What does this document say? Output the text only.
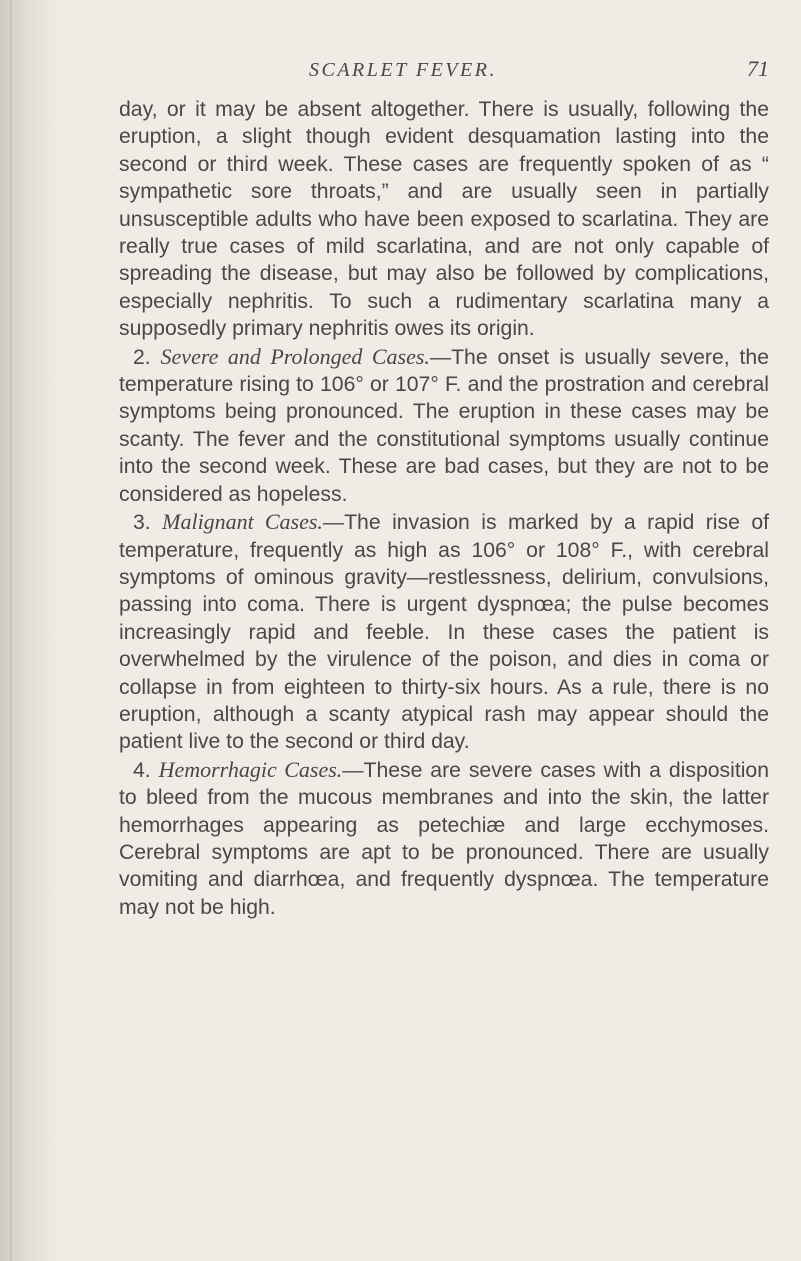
SCARLET FEVER.	71

day, or it may be absent altogether. There is usually, following the eruption, a slight though evident desquamation lasting into the second or third week. These cases are frequently spoken of as “ sympathetic sore throats,” and are usually seen in partially unsusceptible adults who have been exposed to scarlatina. They are really true cases of mild scarlatina, and are not only capable of spreading the disease, but may also be followed by complications, especially nephritis. To such a rudimentary scarlatina many a supposedly primary nephritis owes its origin.

2. Severe and Prolonged Cases.—The onset is usually severe, the temperature rising to 106° or 107° F. and the prostration and cerebral symptoms being pronounced. The eruption in these cases may be scanty. The fever and the constitutional symptoms usually continue into the second week. These are bad cases, but they are not to be considered as hopeless.

3. Malignant Cases.—The invasion is marked by a rapid rise of temperature, frequently as high as 106° or 108° F., with cerebral symptoms of ominous gravity—restlessness, delirium, convulsions, passing into coma. There is urgent dyspnœa; the pulse becomes increasingly rapid and feeble. In these cases the patient is overwhelmed by the virulence of the poison, and dies in coma or collapse in from eighteen to thirty-six hours. As a rule, there is no eruption, although a scanty atypical rash may appear should the patient live to the second or third day.

4. Hemorrhagic Cases.—These are severe cases with a disposition to bleed from the mucous membranes and into the skin, the latter hemorrhages appearing as petechiæ and large ecchymoses. Cerebral symptoms are apt to be pronounced. There are usually vomiting and diarrhœa, and frequently dyspnœa. The temperature may not be high.
